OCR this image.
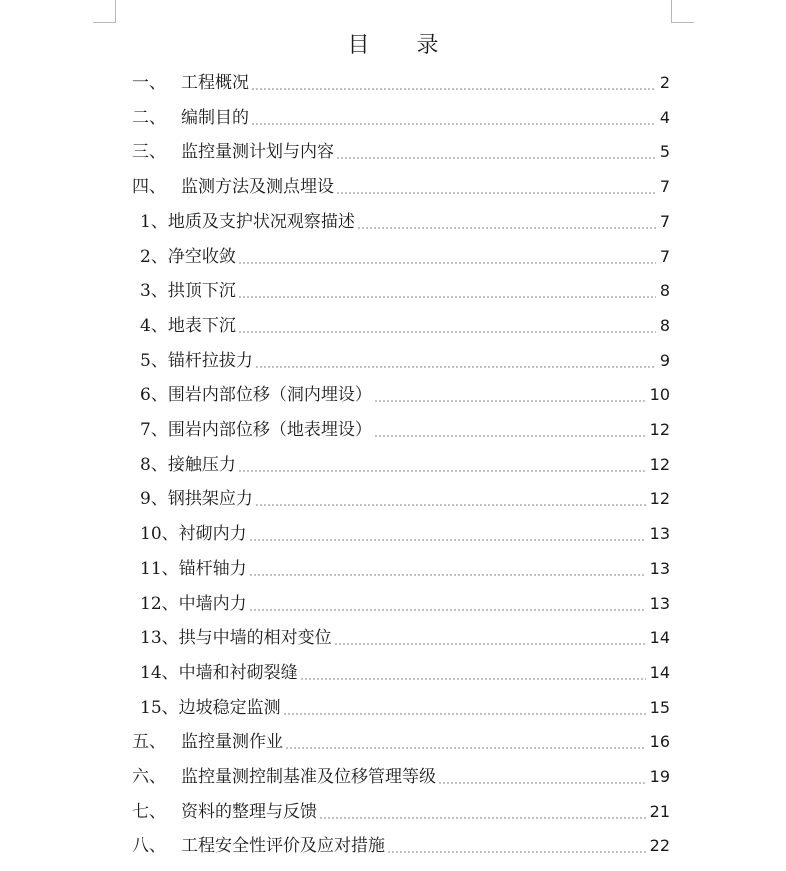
目 录
一、 工程概况	2
二、 编制目的	4
三、 监控量测计划与内容	5
四、 监测方法及测点埋设	7
1、 地质及支护状况观察描述	7
2、 净空收敛	7
3、 拱顶下沉	8
4、 地表下沉	8
5、 锚杆拉拔力	9
6、 围岩内部位移（洞内埋设）	10
7、 围岩内部位移（地表埋设）	12
8、 接触压力	12
9、 钢拱架应力	12
10、 衬砌内力	13
11、 锚杆轴力	13
12、 中墙内力	13
13、 拱与中墙的相对变位	14
14、 中墙和衬砌裂缝	14
15、 边坡稳定监测	15
五、 监控量测作业	16
六、 监控量测控制基准及位移管理等级	19
七、 资料的整理与反馈	21
八、 工程安全性评价及应对措施	22
